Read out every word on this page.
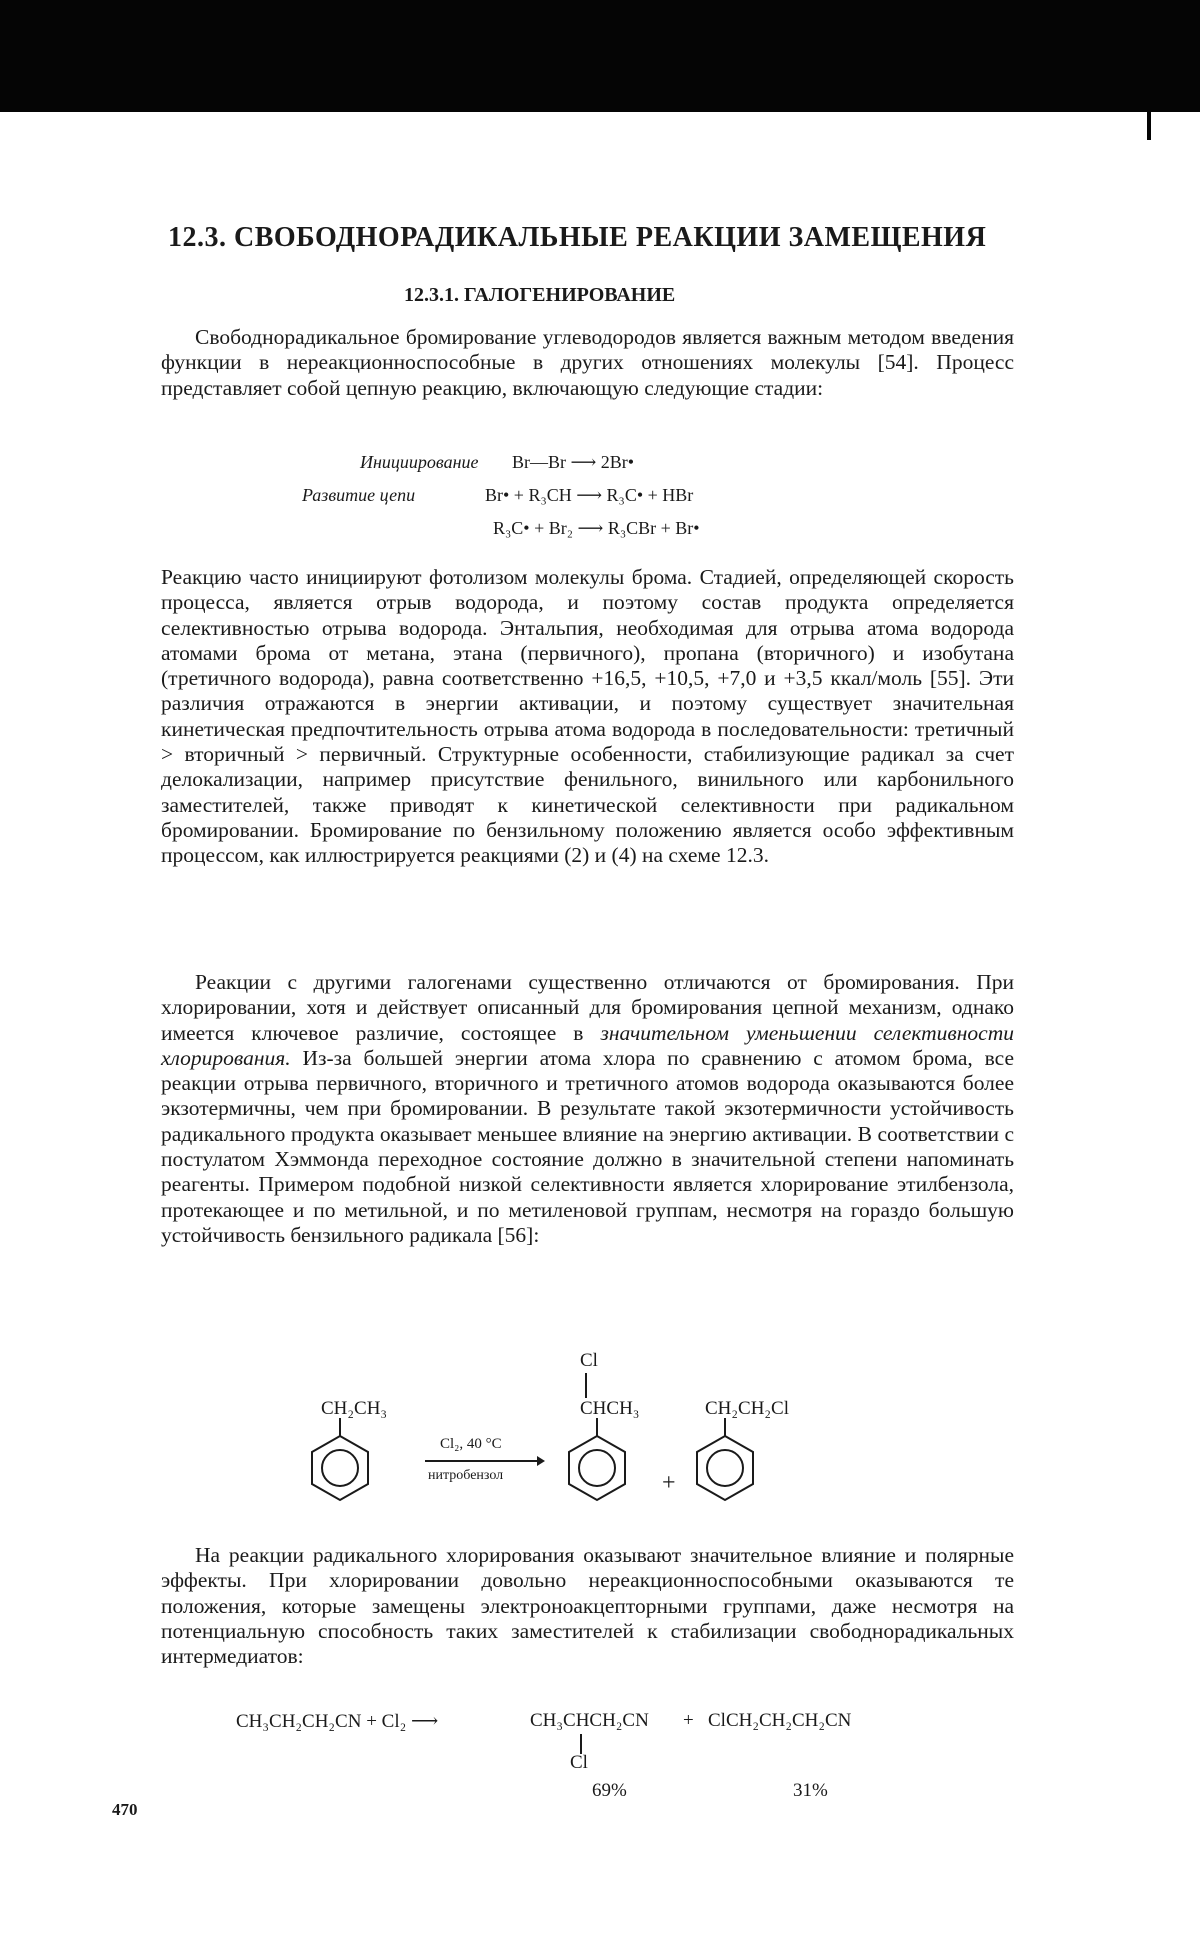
12.3. СВОБОДНОРАДИКАЛЬНЫЕ РЕАКЦИИ ЗАМЕЩЕНИЯ
12.3.1. ГАЛОГЕНИРОВАНИЕ

Свободнорадикальное бромирование углеводородов является важным методом введения функции в нереакционноспособные в других отношениях молекулы [54]. Процесс представляет собой цепную реакцию, включающую следующие стадии:

Инициирование Br—Br ⟶ 2Br•
Развитие цепи	Br• + R₃CH ⟶ R₃C• + HBr
R₃C• + Br₂ ⟶ R₃CBr + Br•

Реакцию часто инициируют фотолизом молекулы брома. Стадией, определяющей скорость процесса, является отрыв водорода, и поэтому состав продукта определяется селективностью отрыва водорода. Энтальпия, необходимая для отрыва атома водорода атомами брома от метана, этана (первичного), пропана (вторичного) и изобутана (третичного водорода), равна соответственно +16,5, +10,5, +7,0 и +3,5 ккал/моль [55]. Эти различия отражаются в энергии активации, и поэтому существует значительная кинетическая предпочтительность отрыва атома водорода в последовательности: третичный > вторичный > первичный. Структурные особенности, стабилизующие радикал за счет делокализации, например присутствие фенильного, винильного или карбонильного заместителей, также приводят к кинетической селективности при радикальном бромировании. Бромирование по бензильному положению является особо эффективным процессом, как иллюстрируется реакциями (2) и (4) на схеме 12.3.

Реакции с другими галогенами существенно отличаются от бромирования. При хлорировании, хотя и действует описанный для бромирования цепной механизм, однако имеется ключевое различие, состоящее в значительном уменьшении селективности хлорирования. Из-за большей энергии атома хлора по сравнению с атомом брома, все реакции отрыва первичного, вторичного и третичного атомов водорода оказываются более экзотермичны, чем при бромировании. В результате такой экзотермичности устойчивость радикального продукта оказывает меньшее влияние на энергию активации. В соответствии с постулатом Хэммонда переходное состояние должно в значительной степени напоминать реагенты. Примером подобной низкой селективности является хлорирование этилбензола, протекающее и по метильной, и по метиленовой группам, несмотря на гораздо большую устойчивость бензильного радикала [56]:

CH₂CH₃
Cl₂, 40 °C
нитробензол
Cl
CHCH₃
+
CH₂CH₂Cl

На реакции радикального хлорирования оказывают значительное влияние и полярные эффекты. При хлорировании довольно нереакционноспособными оказываются те положения, которые замещены электроноакцепторными группами, даже несмотря на потенциальную способность таких заместителей к стабилизации свободнорадикальных интермедиатов:

CH₃CH₂CH₂CN + Cl₂ ⟶	CH₃CHCH₂CN + ClCH₂CH₂CH₂CN
Cl
69%	31%
470
